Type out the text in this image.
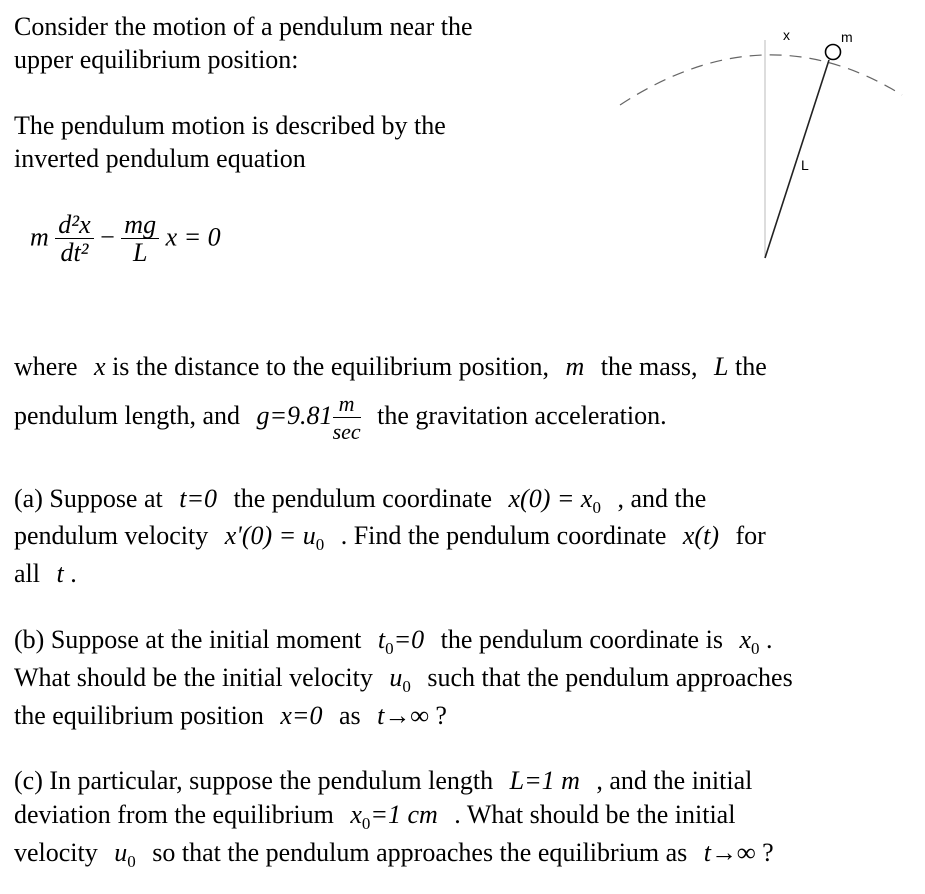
x	m
L
Consider the motion of a pendulum near the
upper equilibrium position:
The pendulum motion is described by the
inverted pendulum equation
m $\frac{\text{d²x}}{\text{dt²}} - \frac{mg}{L}$ x = 0
where x is the distance to the equilibrium position, m the mass, L the
pendulum length, and $g=9.81 \frac{m}{\sec}$ the gravitation acceleration.
(a) Suppose at t=0 the pendulum coordinate $x(0) = x_0$ , and the
pendulum velocity $x'(0) = u_0$ . Find the pendulum coordinate x(t) for
all t .
(b) Suppose at the initial moment $t_0=0$ the pendulum coordinate is $x_0$ .
What should be the initial velocity $u_0$ such that the pendulum approaches
the equilibrium position x=0 as t→∞ ?
(c) In particular, suppose the pendulum length L=1 m , and the initial
deviation from the equilibrium $x_0=1$ cm . What should be the initial
velocity $u_0$ so that the pendulum approaches the equilibrium as t→∞ ?
